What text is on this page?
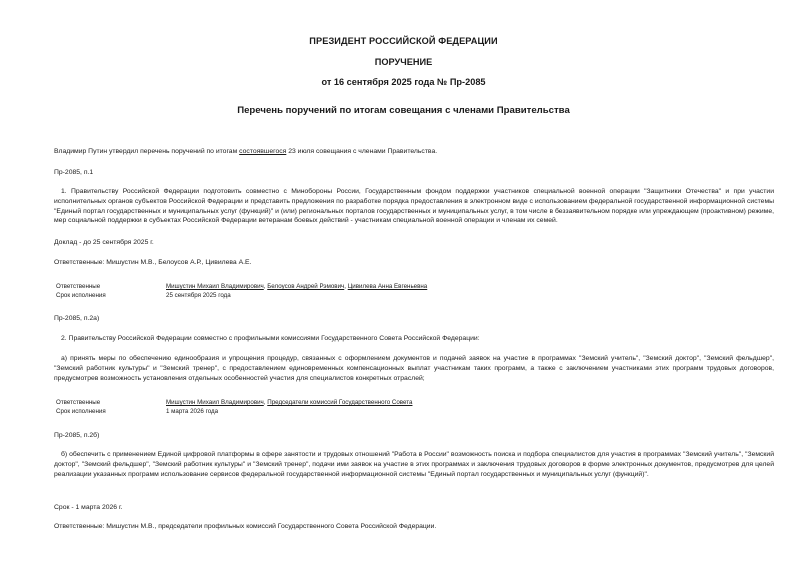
ПРЕЗИДЕНТ РОССИЙСКОЙ ФЕДЕРАЦИИ
ПОРУЧЕНИЕ
от 16 сентября 2025 года № Пр-2085
Перечень поручений по итогам совещания с членами Правительства
Владимир Путин утвердил перечень поручений по итогам состоявшегося 23 июля совещания с членами Правительства.
Пр-2085, п.1
1. Правительству Российской Федерации подготовить совместно с Минобороны России, Государственным фондом поддержки участников специальной военной операции "Защитники Отечества" и при участии исполнительных органов субъектов Российской Федерации и представить предложения по разработке порядка предоставления в электронном виде с использованием федеральной государственной информационной системы "Единый портал государственных и муниципальных услуг (функций)" и (или) региональных порталов государственных и муниципальных услуг, в том числе в беззаявительном порядке или упреждающем (проактивном) режиме, мер социальной поддержки в субъектах Российской Федерации ветеранам боевых действий - участникам специальной военной операции и членам их семей.
Доклад - до 25 сентября 2025 г.
Ответственные: Мишустин М.В., Белоусов А.Р., Цивилева А.Е.
Ответственные	Мишустин Михаил Владимирович, Белоусов Андрей Рэмович, Цивилева Анна Евгеньевна
Срок исполнения	25 сентября 2025 года
Пр-2085, п.2а)
2. Правительству Российской Федерации совместно с профильными комиссиями Государственного Совета Российской Федерации:
а) принять меры по обеспечению единообразия и упрощения процедур, связанных с оформлением документов и подачей заявок на участие в программах "Земский учитель", "Земский доктор", "Земский фельдшер", "Земский работник культуры" и "Земский тренер", с предоставлением единовременных компенсационных выплат участникам таких программ, а также с заключением участниками этих программ трудовых договоров, предусмотрев возможность установления отдельных особенностей участия для специалистов конкретных отраслей;
Ответственные	Мишустин Михаил Владимирович, Председатели комиссий Государственного Совета
Срок исполнения	1 марта 2026 года
Пр-2085, п.2б)
б) обеспечить с применением Единой цифровой платформы в сфере занятости и трудовых отношений "Работа в России" возможность поиска и подбора специалистов для участия в программах "Земский учитель", "Земский доктор", "Земский фельдшер", "Земский работник культуры" и "Земский тренер", подачи ими заявок на участие в этих программах и заключения трудовых договоров в форме электронных документов, предусмотрев для целей реализации указанных программ использование сервисов федеральной государственной информационной системы "Единый портал государственных и муниципальных услуг (функций)".
Срок - 1 марта 2026 г.
Ответственные: Мишустин М.В., председатели профильных комиссий Государственного Совета Российской Федерации.
